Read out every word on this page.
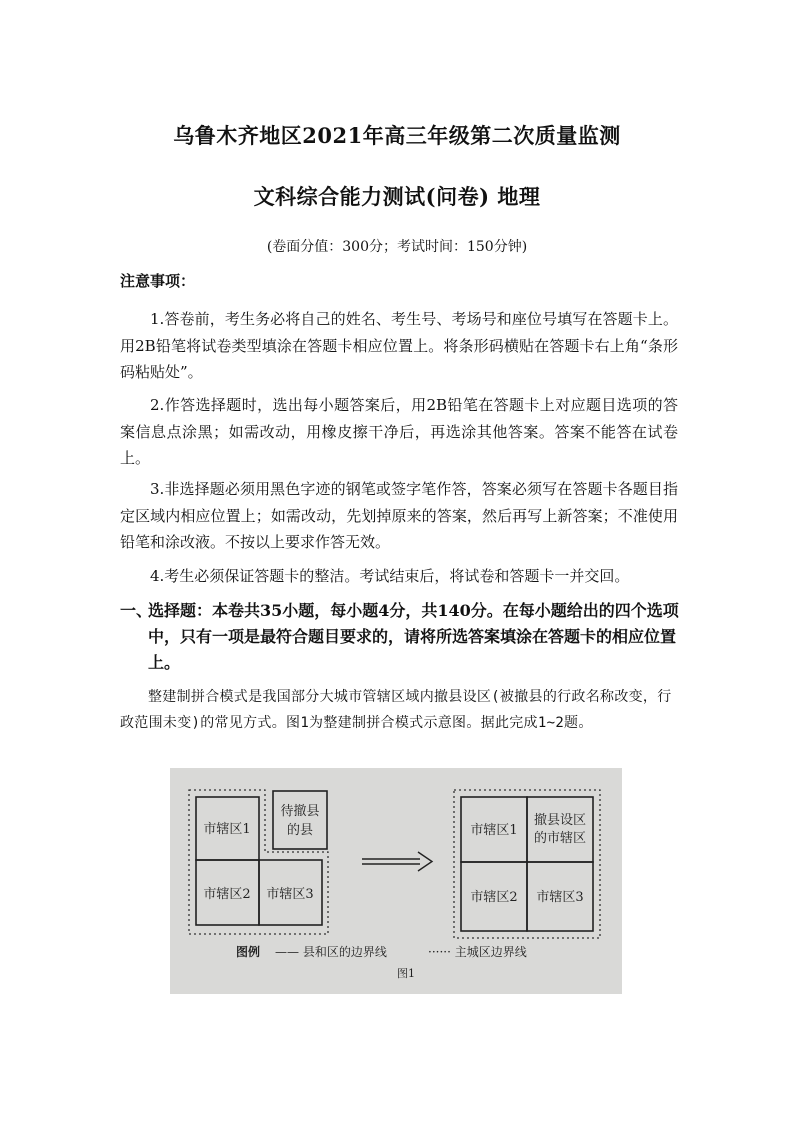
乌鲁木齐地区2021年高三年级第二次质量监测
文科综合能力测试(问卷) 地理
(卷面分值：300分；考试时间：150分钟)
注意事项：
1.答卷前，考生务必将自己的姓名、考生号、考场号和座位号填写在答题卡上。用2B铅笔将试卷类型填涂在答题卡相应位置上。将条形码横贴在答题卡右上角“条形码粘贴处”。
2.作答选择题时，选出每小题答案后，用2B铅笔在答题卡上对应题目选项的答案信息点涂黑；如需改动，用橡皮擦干净后，再选涂其他答案。答案不能答在试卷上。
3.非选择题必须用黑色字迹的钢笔或签字笔作答，答案必须写在答题卡各题目指定区域内相应位置上；如需改动，先划掉原来的答案，然后再写上新答案；不准使用铅笔和涂改液。不按以上要求作答无效。
4.考生必须保证答题卡的整洁。考试结束后，将试卷和答题卡一并交回。
一、
选择题：本卷共35小题，每小题4分，共140分。在每小题给出的四个选项中，只有一项是最符合题目要求的，请将所选答案填涂在答题卡的相应位置上。
整建制拼合模式是我国部分大城市管辖区域内撤县设区(被撤县的行政名称改变，行政范围未变)的常见方式。图1为整建制拼合模式示意图。据此完成1~2题。
市辖区1
市辖区2 市辖区3
待撤县
的县	市辖区1
撤县设区
的市辖区
市辖区2 市辖区3
图例 —— 县和区的边界线	······ 主城区边界线
图1
